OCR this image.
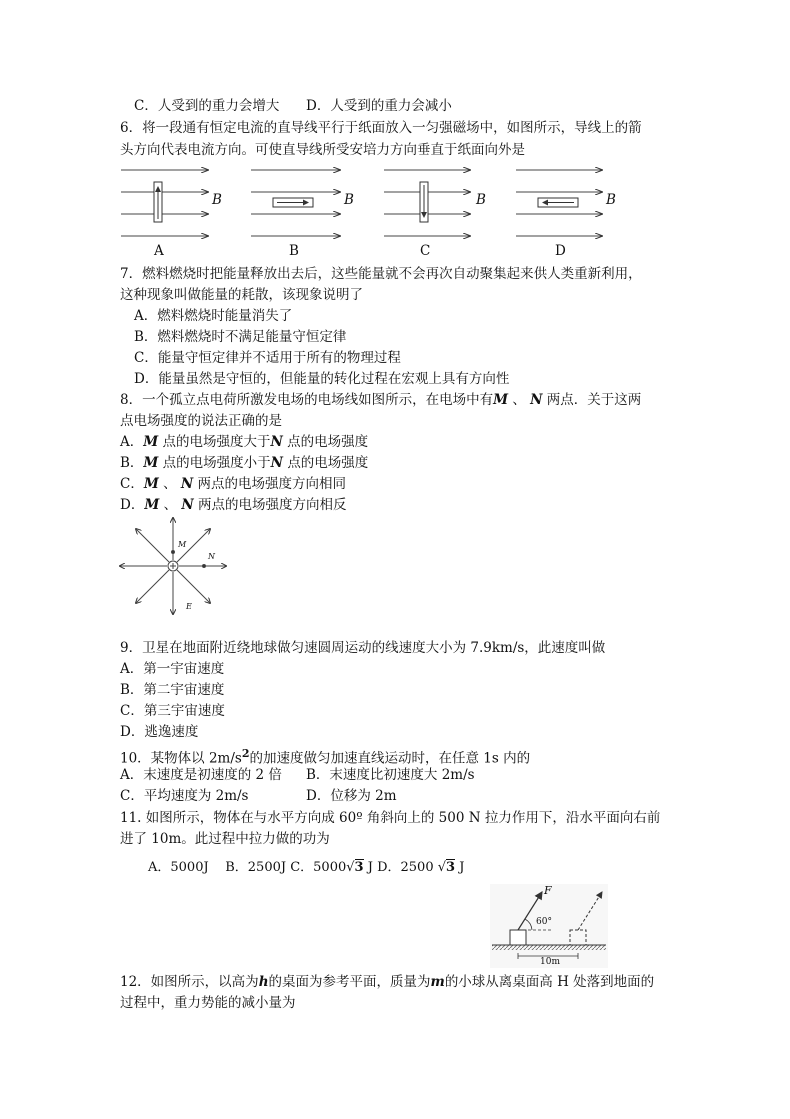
C．人受到的重力会增大 D．人受到的重力会减小
6．将一段通有恒定电流的直导线平行于纸面放入一匀强磁场中，如图所示，导线上的箭
头方向代表电流方向。可使直导线所受安培力方向垂直于纸面向外是
B	B	B	B
A	B	C	D
7．燃料燃烧时把能量释放出去后，这些能量就不会再次自动聚集起来供人类重新利用，
这种现象叫做能量的耗散，该现象说明了
A．燃料燃烧时能量消失了
B．燃料燃烧时不满足能量守恒定律
C．能量守恒定律并不适用于所有的物理过程
D．能量虽然是守恒的，但能量的转化过程在宏观上具有方向性
8．一个孤立点电荷所激发电场的电场线如图所示，在电场中有M 、 N 两点．关于这两
点电场强度的说法正确的是
A．M 点的电场强度大于N 点的电场强度
B．M 点的电场强度小于N 点的电场强度
C．M 、 N 两点的电场强度方向相同
D．M 、 N 两点的电场强度方向相反
M
N
E
9．卫星在地面附近绕地球做匀速圆周运动的线速度大小为 7.9km/s，此速度叫做
A．第一宇宙速度
B．第二宇宙速度
C．第三宇宙速度
D．逃逸速度
10．某物体以 $2m/s^2$的加速度做匀加速直线运动时，在任意 1s 内的
A．末速度是初速度的 2 倍 B．末速度比初速度大 2m/s
C．平均速度为 2m/s	D．位移为 2m
11. 如图所示，物体在与水平方向成 60º 角斜向上的 500 N 拉力作用下，沿水平面向右前
进了 10m。此过程中拉力做的功为
A．5000J B．2500J C．5000√3 J D．2500 √3 J
F
60°
10m
12．如图所示，以高为h的桌面为参考平面，质量为m的小球从离桌面高 H 处落到地面的
过程中，重力势能的减小量为
